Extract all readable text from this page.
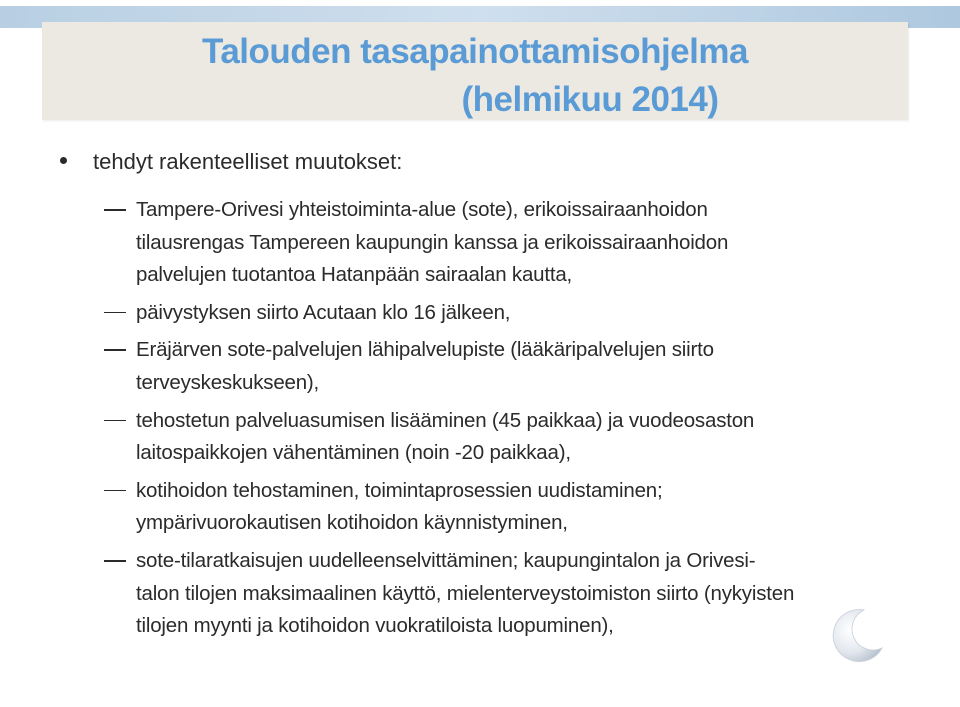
Talouden tasapainottamisohjelma
(helmikuu 2014)
tehdyt rakenteelliset muutokset:
Tampere-Orivesi yhteistoiminta-alue (sote), erikoissairaanhoidon
tilausrengas Tampereen kaupungin kanssa ja erikoissairaanhoidon
palvelujen tuotantoa Hatanpään sairaalan kautta,
päivystyksen siirto Acutaan klo 16 jälkeen,
Eräjärven sote-palvelujen lähipalvelupiste (lääkäripalvelujen siirto
terveyskeskukseen),
tehostetun palveluasumisen lisääminen (45 paikkaa) ja vuodeosaston
laitospaikkojen vähentäminen (noin -20 paikkaa),
kotihoidon tehostaminen, toimintaprosessien uudistaminen;
ympärivuorokautisen kotihoidon käynnistyminen,
sote-tilaratkaisujen uudelleenselvittäminen; kaupungintalon ja Orivesi-
talon tilojen maksimaalinen käyttö, mielenterveystoimiston siirto (nykyisten
tilojen myynti ja kotihoidon vuokratiloista luopuminen),
